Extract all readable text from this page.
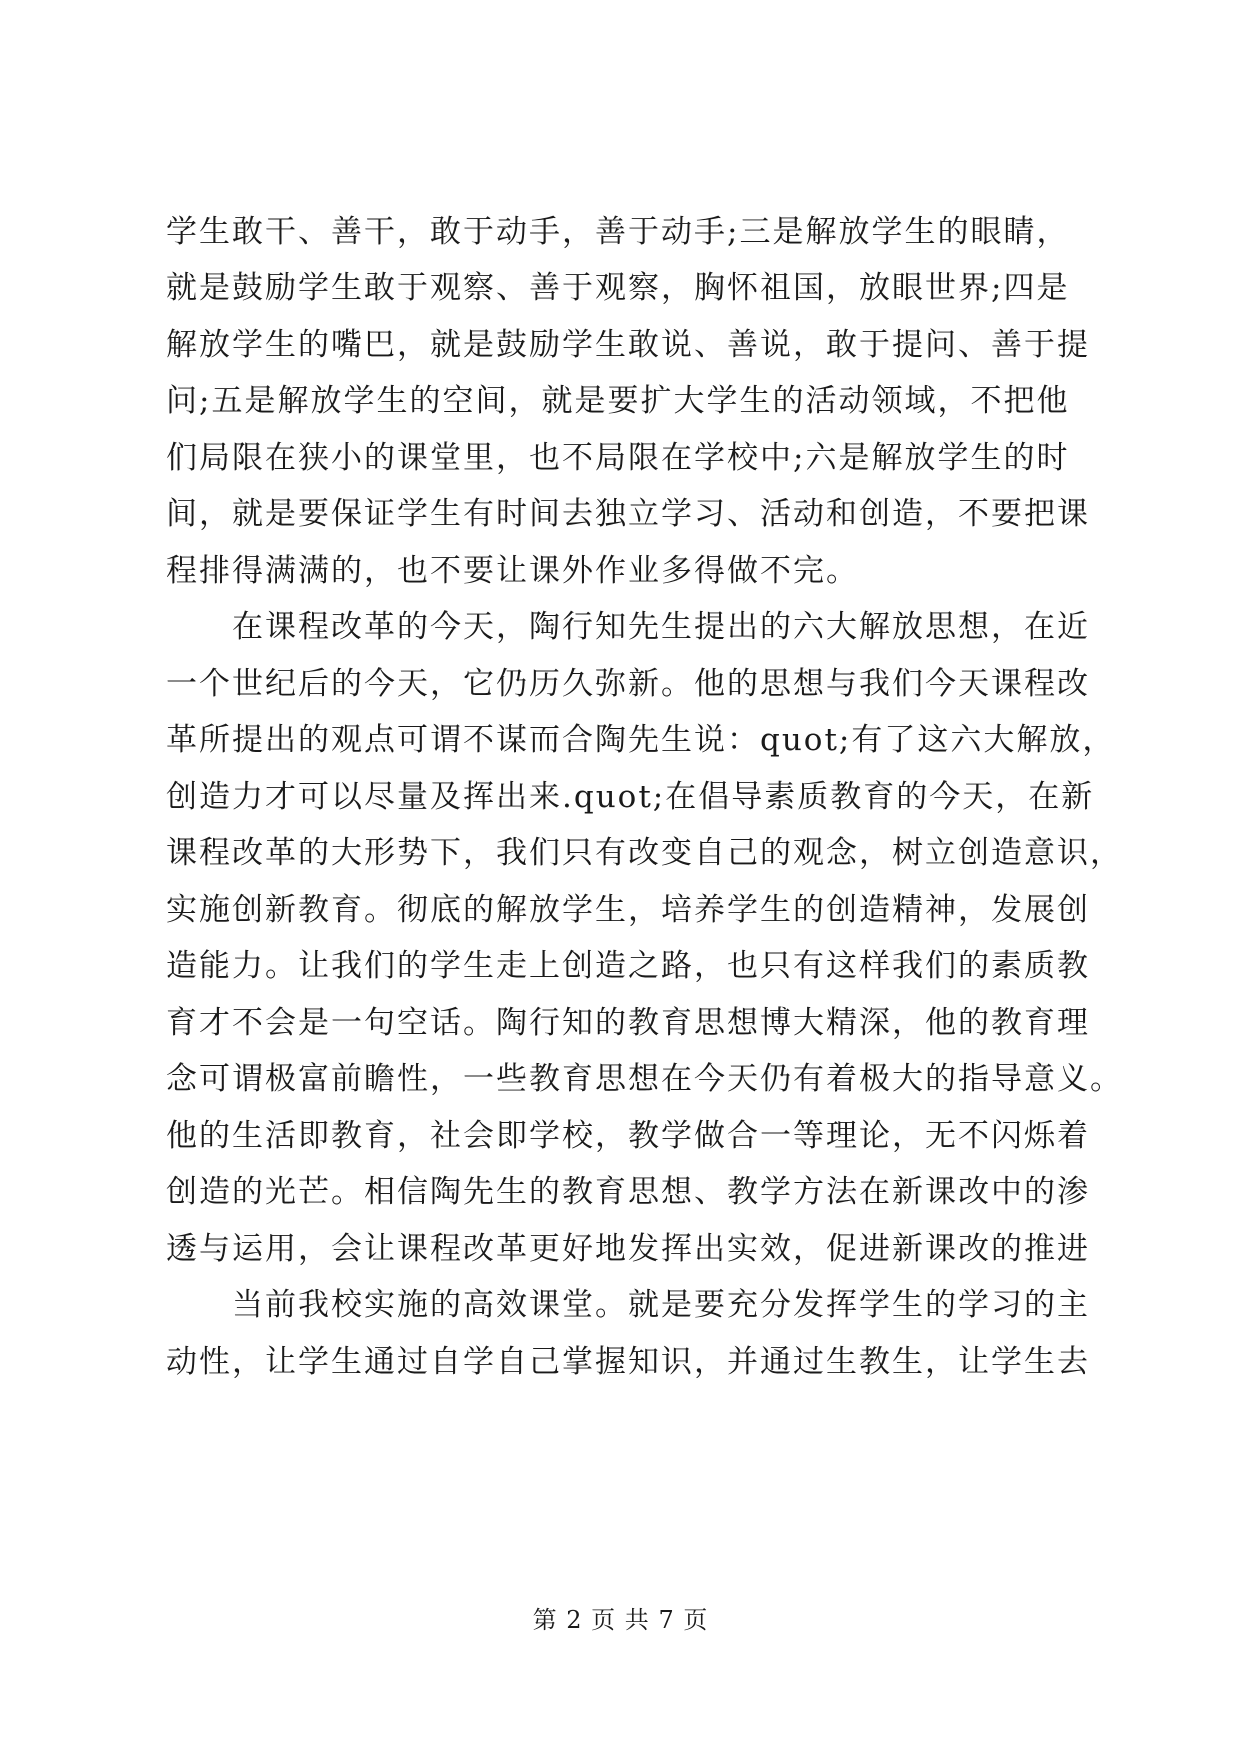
学生敢干、善干，敢于动手，善于动手;三是解放学生的眼睛，
就是鼓励学生敢于观察、善于观察，胸怀祖国，放眼世界;四是
解放学生的嘴巴，就是鼓励学生敢说、善说，敢于提问、善于提
问;五是解放学生的空间，就是要扩大学生的活动领域，不把他
们局限在狭小的课堂里，也不局限在学校中;六是解放学生的时
间，就是要保证学生有时间去独立学习、活动和创造，不要把课
程排得满满的，也不要让课外作业多得做不完。
在课程改革的今天，陶行知先生提出的六大解放思想，在近
一个世纪后的今天，它仍历久弥新。他的思想与我们今天课程改
革所提出的观点可谓不谋而合陶先生说：quot;有了这六大解放，
创造力才可以尽量及挥出来.quot;在倡导素质教育的今天，在新
课程改革的大形势下，我们只有改变自己的观念，树立创造意识，
实施创新教育。彻底的解放学生，培养学生的创造精神，发展创
造能力。让我们的学生走上创造之路，也只有这样我们的素质教
育才不会是一句空话。陶行知的教育思想博大精深，他的教育理
念可谓极富前瞻性，一些教育思想在今天仍有着极大的指导意义。
他的生活即教育，社会即学校，教学做合一等理论，无不闪烁着
创造的光芒。相信陶先生的教育思想、教学方法在新课改中的渗
透与运用，会让课程改革更好地发挥出实效，促进新课改的推进
当前我校实施的高效课堂。就是要充分发挥学生的学习的主
动性，让学生通过自学自己掌握知识，并通过生教生，让学生去
第 2 页 共 7 页
